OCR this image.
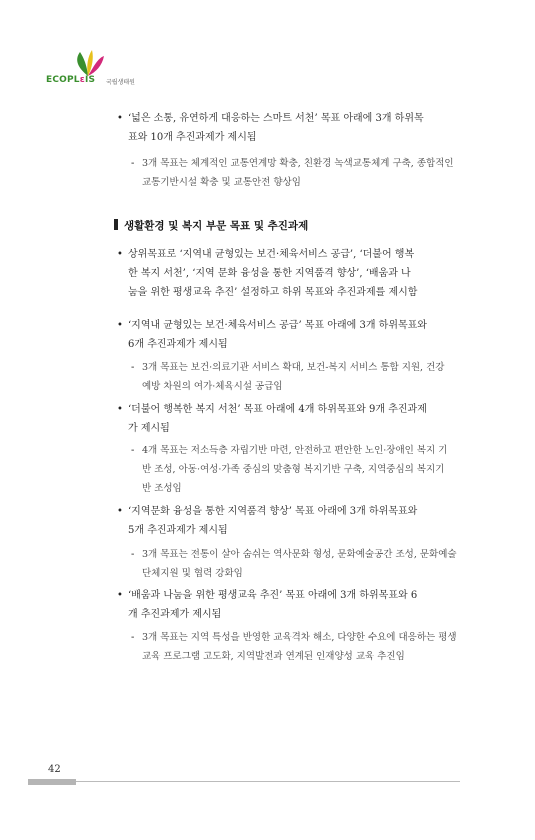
ECOPLɛIS 국립생태원
• ‘넓은 소통, 유연하게 대응하는 스마트 서천’ 목표 아래에 3개 하위목
표와 10개 추진과제가 제시됨
- 3개 목표는 체계적인 교통연계망 확충, 친환경 녹색교통체계 구축, 종합적인
교통기반시설 확충 및 교통안전 향상임
• 상위목표로 ‘지역내 균형있는 보건·체육서비스 공급’, ‘더불어 행복
한 복지 서천’, ‘지역 문화 융성을 통한 지역품격 향상’, ‘배움과 나
눔을 위한 평생교육 추진’ 설정하고 하위 목표와 추진과제를 제시함
• ‘지역내 균형있는 보건·체육서비스 공급’ 목표 아래에 3개 하위목표와
6개 추진과제가 제시됨
- 3개 목표는 보건·의료기관 서비스 확대, 보건-복지 서비스 통합 지원, 건강
예방 차원의 여가·체육시설 공급임
• ‘더불어 행복한 복지 서천’ 목표 아래에 4개 하위목표와 9개 추진과제
가 제시됨
- 4개 목표는 저소득층 자립기반 마련, 안전하고 편안한 노인·장애인 복지 기
반 조성, 아동·여성·가족 중심의 맞춤형 복지기반 구축, 지역중심의 복지기
반 조성임
• ‘지역문화 융성을 통한 지역품격 향상’ 목표 아래에 3개 하위목표와
5개 추진과제가 제시됨
- 3개 목표는 전통이 살아 숨쉬는 역사문화 형성, 문화예술공간 조성, 문화예술
단체지원 및 협력 강화임
• ‘배움과 나눔을 위한 평생교육 추진’ 목표 아래에 3개 하위목표와 6
개 추진과제가 제시됨
- 3개 목표는 지역 특성을 반영한 교육격차 해소, 다양한 수요에 대응하는 평생
교육 프로그램 고도화, 지역발전과 연계된 인재양성 교육 추진임
생활환경 및 복지 부문 목표 및 추진과제
42
